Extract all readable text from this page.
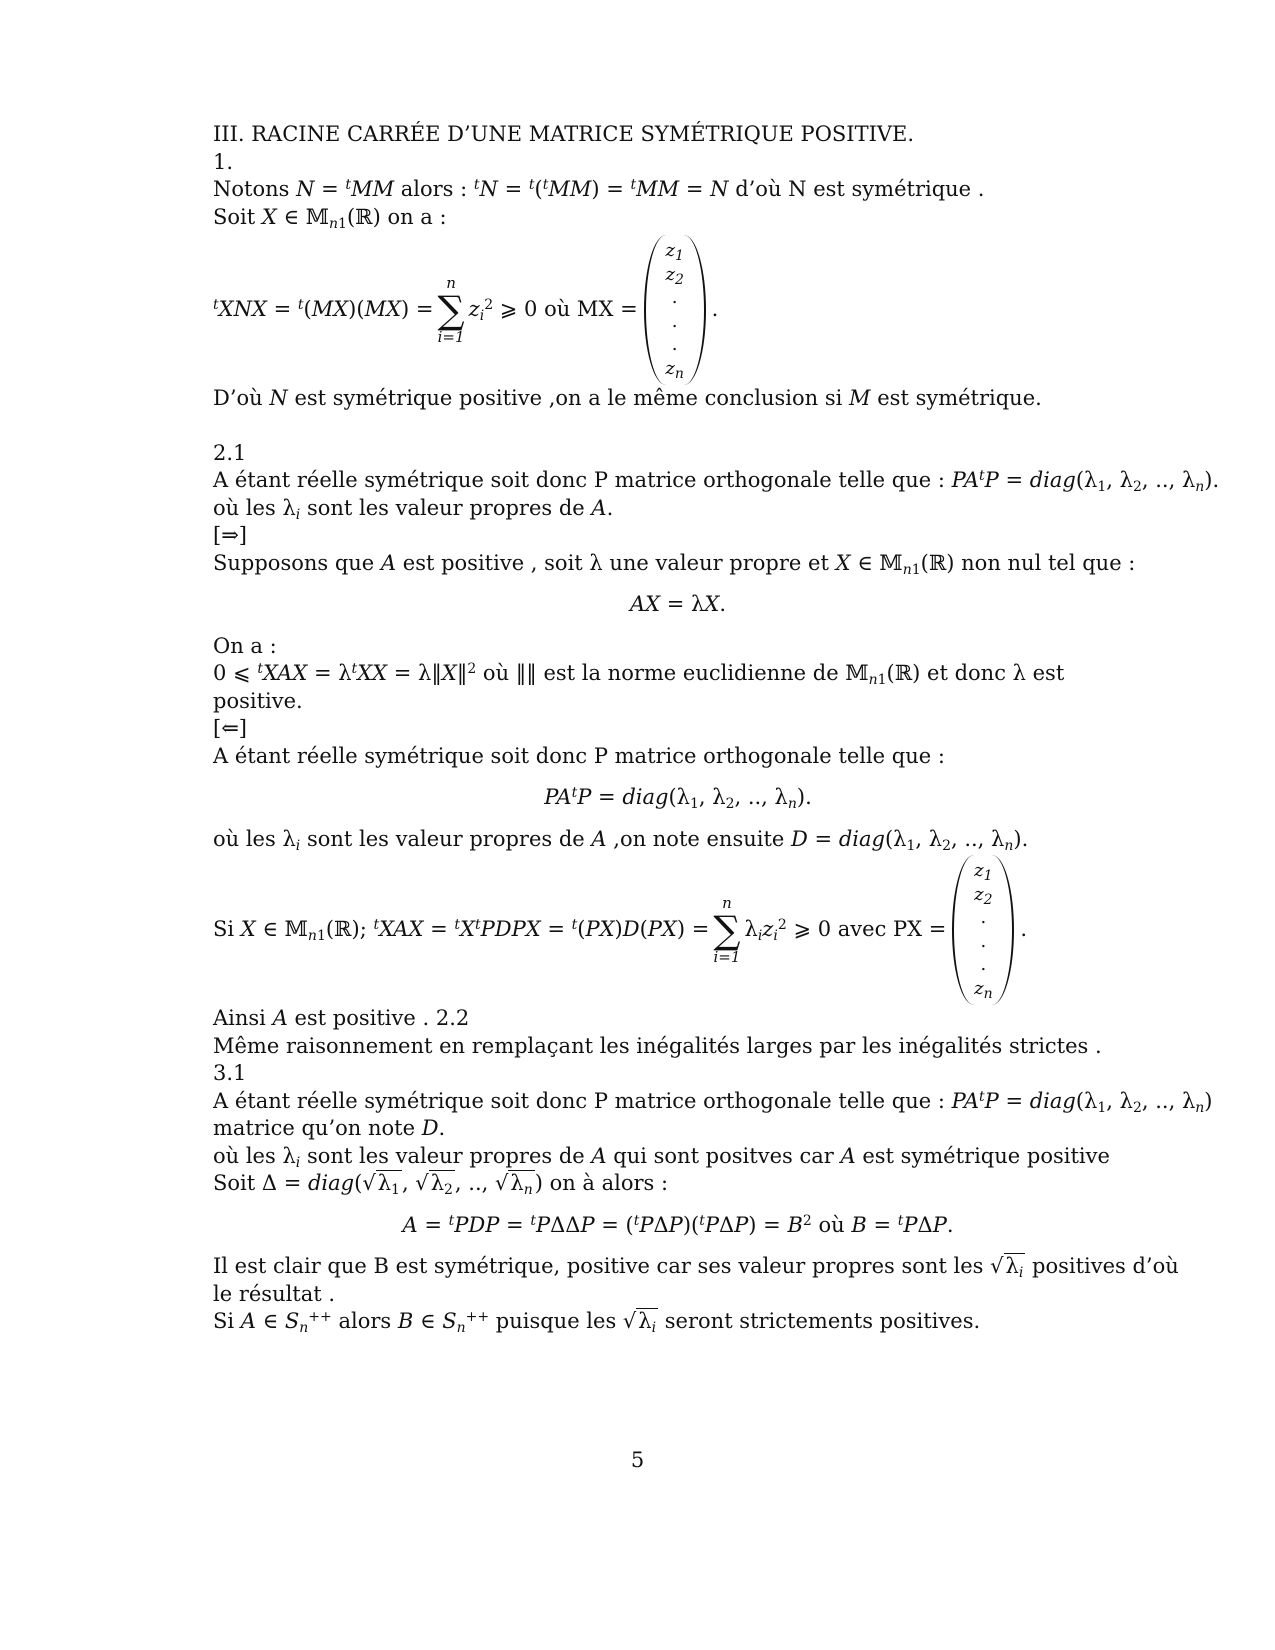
III. RACINE CARRÉE D’UNE MATRICE SYMÉTRIQUE POSITIVE.
1.
Notons N = $^t$MM alors : $^t$N = $^t$($^t$MM) = $^t$MM = N d’où N est symétrique .
Soit X ∈ 𝕄$_{n1}$(ℝ) on a :
$^t$XNX = $^t$(MX)(MX) =
n
∑
i=1
$z_i^2$ ⩾ 0 où MX =
$z_1$
$z_2$
.
.
.
$z_n$
.
D’où N est symétrique positive ,on a le même conclusion si M est symétrique.
2.1
A étant réelle symétrique soit donc P matrice orthogonale telle que : $PA^tP$ = $diag(\lambda_1$, $\lambda_2$, .., $\lambda_n$).
où les $\lambda_i$ sont les valeur propres de A.
[⇒]
Supposons que A est positive , soit λ une valeur propre et X ∈ 𝕄$_{n1}$(ℝ) non nul tel que :
AX = λX.
On a :
0 ⩽ $^tXAX = \lambda^tXX$ = λ‖X‖$^2$ où ‖‖ est la norme euclidienne de 𝕄$_{n1}$(ℝ) et donc λ est
positive.
[⇐]
A étant réelle symétrique soit donc P matrice orthogonale telle que :
$PA^tP$ = $diag(\lambda_1$, $\lambda_2$, .., $\lambda_n$).
où les $\lambda_i$ sont les valeur propres de A ,on note ensuite $D = diag(\lambda_1$, $\lambda_2$, .., $\lambda_n$).
Si X ∈ 𝕄$_{n1}$(ℝ); $^tXAX = ^tX^tPDPX = ^t(PX)D(PX)$ =
n
∑
i=1
$\lambda_iz_i^2$ ⩾ 0 avec PX =
$z_1$
$z_2$
.
.
.
$z_n$
.
Ainsi A est positive . 2.2
Même raisonnement en remplaçant les inégalités larges par les inégalités strictes .
3.1
A étant réelle symétrique soit donc P matrice orthogonale telle que : $PA^tP$ = $diag(\lambda_1$, $\lambda_2$, .., $\lambda_n$)
matrice qu’on note D.
où les $\lambda_i$ sont les valeur propres de A qui sont positves car A est symétrique positive
Soit $\Delta = diag(√\lambda_1$, $√\lambda_2$, .., $√\lambda_n$) on à alors :
$A = ^tPDP = ^tP\Delta\Delta P = (^tP\Delta P)(^tP\Delta P) = B^2$ où B = $^t$PΔP.
Il est clair que B est symétrique, positive car ses valeur propres sont les $√\lambda_i$ positives d’où
le résultat .
Si A ∈ $S_n^{++}$ alors B ∈ $S_n^{++}$ puisque les $√\lambda_i$ seront strictements positives.
5
